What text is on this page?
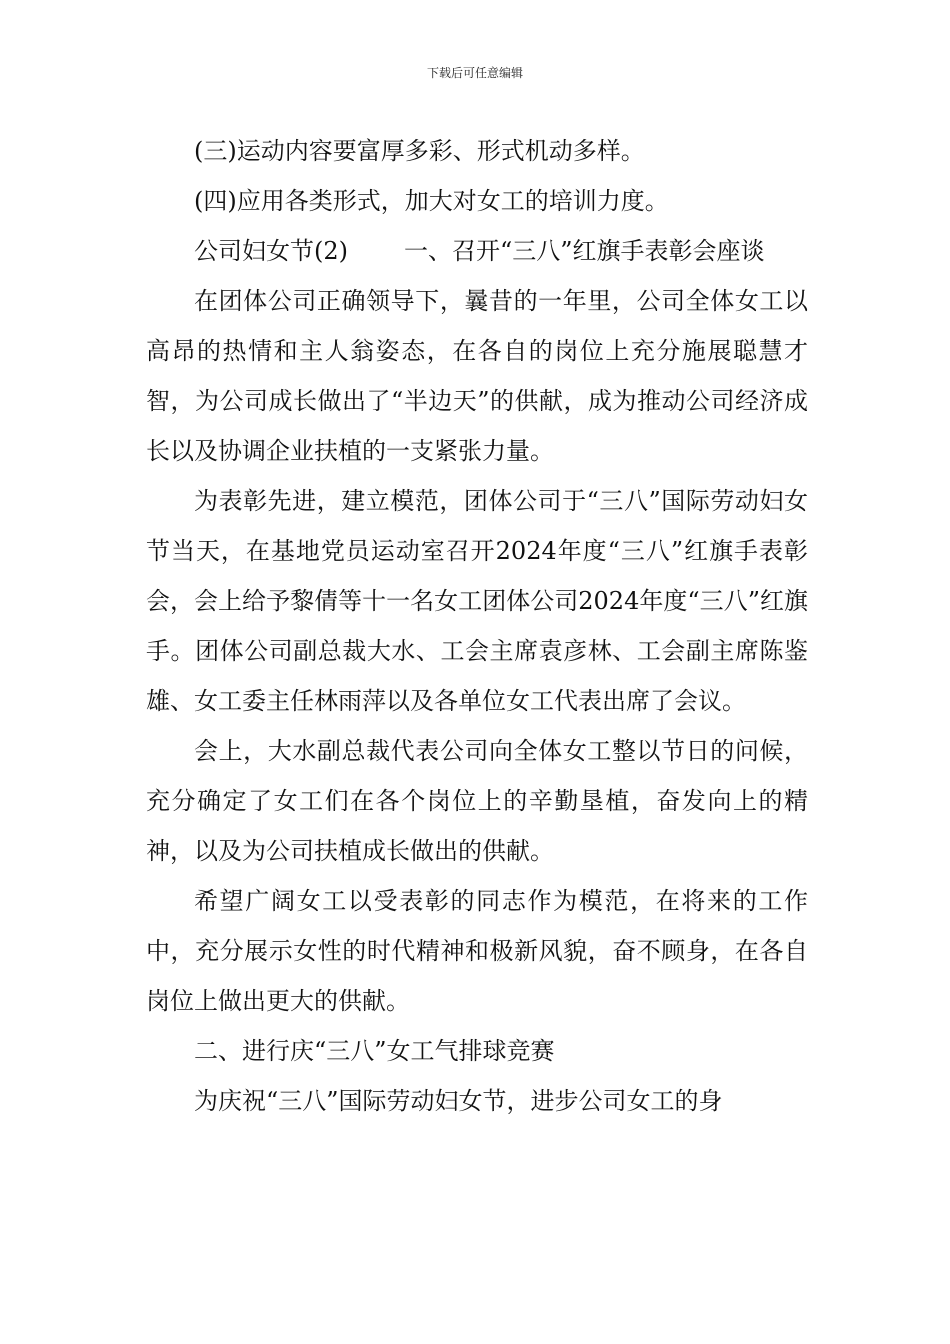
下载后可任意编辑

(三)运动内容要富厚多彩、形式机动多样。

(四)应用各类形式，加大对女工的培训力度。

公司妇女节(2) 一、召开“三八”红旗手表彰会座谈

在团体公司正确领导下，曩昔的一年里，公司全体女工以高昂的热情和主人翁姿态，在各自的岗位上充分施展聪慧才智，为公司成长做出了“半边天”的供献，成为推动公司经济成长以及协调企业扶植的一支紧张力量。

为表彰先进，建立模范，团体公司于“三八”国际劳动妇女节当天，在基地党员运动室召开2024年度“三八”红旗手表彰会，会上给予黎倩等十一名女工团体公司2024年度“三八”红旗手。团体公司副总裁大水、工会主席袁彦林、工会副主席陈鉴雄、女工委主任林雨萍以及各单位女工代表出席了会议。

会上，大水副总裁代表公司向全体女工整以节日的问候，充分确定了女工们在各个岗位上的辛勤垦植，奋发向上的精神，以及为公司扶植成长做出的供献。

希望广阔女工以受表彰的同志作为模范，在将来的工作中，充分展示女性的时代精神和极新风貌，奋不顾身，在各自岗位上做出更大的供献。

二、进行庆“三八”女工气排球竞赛

为庆祝“三八”国际劳动妇女节，进步公司女工的身
